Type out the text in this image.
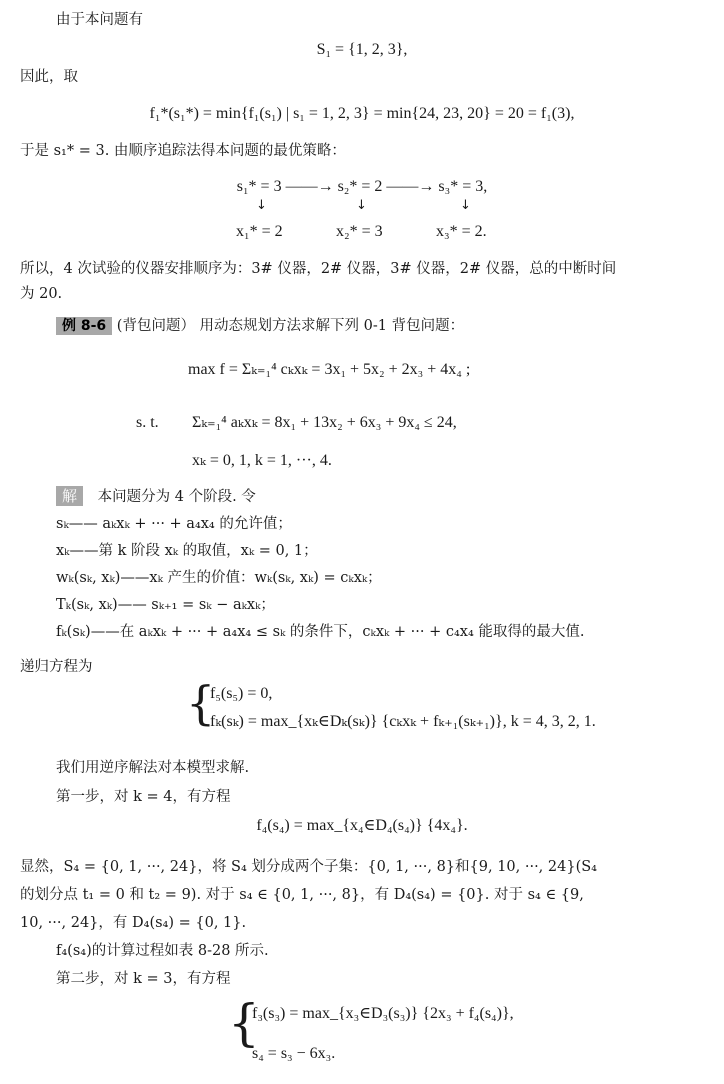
由于本问题有
S₁ = {1, 2, 3},
因此，取
f₁*(s₁*) = min{f₁(s₁) | s₁ = 1, 2, 3} = min{24, 23, 20} = 20 = f₁(3),
于是 s₁* = 3. 由顺序追踪法得本问题的最优策略：
s₁* = 3 ——→ s₂* = 2 ——→ s₃* = 3,
↓	↓	↓
x₁* = 2	x₂* = 3	x₃* = 2.
所以，4 次试验的仪器安排顺序为：3# 仪器，2# 仪器，3# 仪器，2# 仪器，总的中断时间
为 20.
例 8-6 (背包问题） 用动态规划方法求解下列 0-1 背包问题：
max f = Σₖ₌₁⁴ cₖxₖ = 3x₁ + 5x₂ + 2x₃ + 4x₄ ;
s. t. Σₖ₌₁⁴ aₖxₖ = 8x₁ + 13x₂ + 6x₃ + 9x₄ ≤ 24,
xₖ = 0, 1, k = 1, ···, 4.
解 本问题分为 4 个阶段. 令
sₖ—— aₖxₖ + ··· + a₄x₄ 的允许值；
xₖ——第 k 阶段 xₖ 的取值，xₖ = 0, 1；
wₖ(sₖ, xₖ)——xₖ 产生的价值：wₖ(sₖ, xₖ) = cₖxₖ；
Tₖ(sₖ, xₖ)—— sₖ₊₁ = sₖ − aₖxₖ；
fₖ(sₖ)——在 aₖxₖ + ··· + a₄x₄ ≤ sₖ 的条件下，cₖxₖ + ··· + c₄x₄ 能取得的最大值.
递归方程为
{
f₅(s₅) = 0,
fₖ(sₖ) = max_{xₖ∈Dₖ(sₖ)} {cₖxₖ + fₖ₊₁(sₖ₊₁)}, k = 4, 3, 2, 1.
我们用逆序解法对本模型求解.
第一步，对 k = 4，有方程
f₄(s₄) = max_{x₄∈D₄(s₄)} {4x₄}.
显然，S₄ = {0, 1, ···, 24}，将 S₄ 划分成两个子集：{0, 1, ···, 8}和{9, 10, ···, 24}(S₄
的划分点 t₁ = 0 和 t₂ = 9). 对于 s₄ ∈ {0, 1, ···, 8}，有 D₄(s₄) = {0}. 对于 s₄ ∈ {9,
10, ···, 24}，有 D₄(s₄) = {0, 1}.
f₄(s₄)的计算过程如表 8-28 所示.
第二步，对 k = 3，有方程
{
f₃(s₃) = max_{x₃∈D₃(s₃)} {2x₃ + f₄(s₄)},
s₄ = s₃ − 6x₃.
